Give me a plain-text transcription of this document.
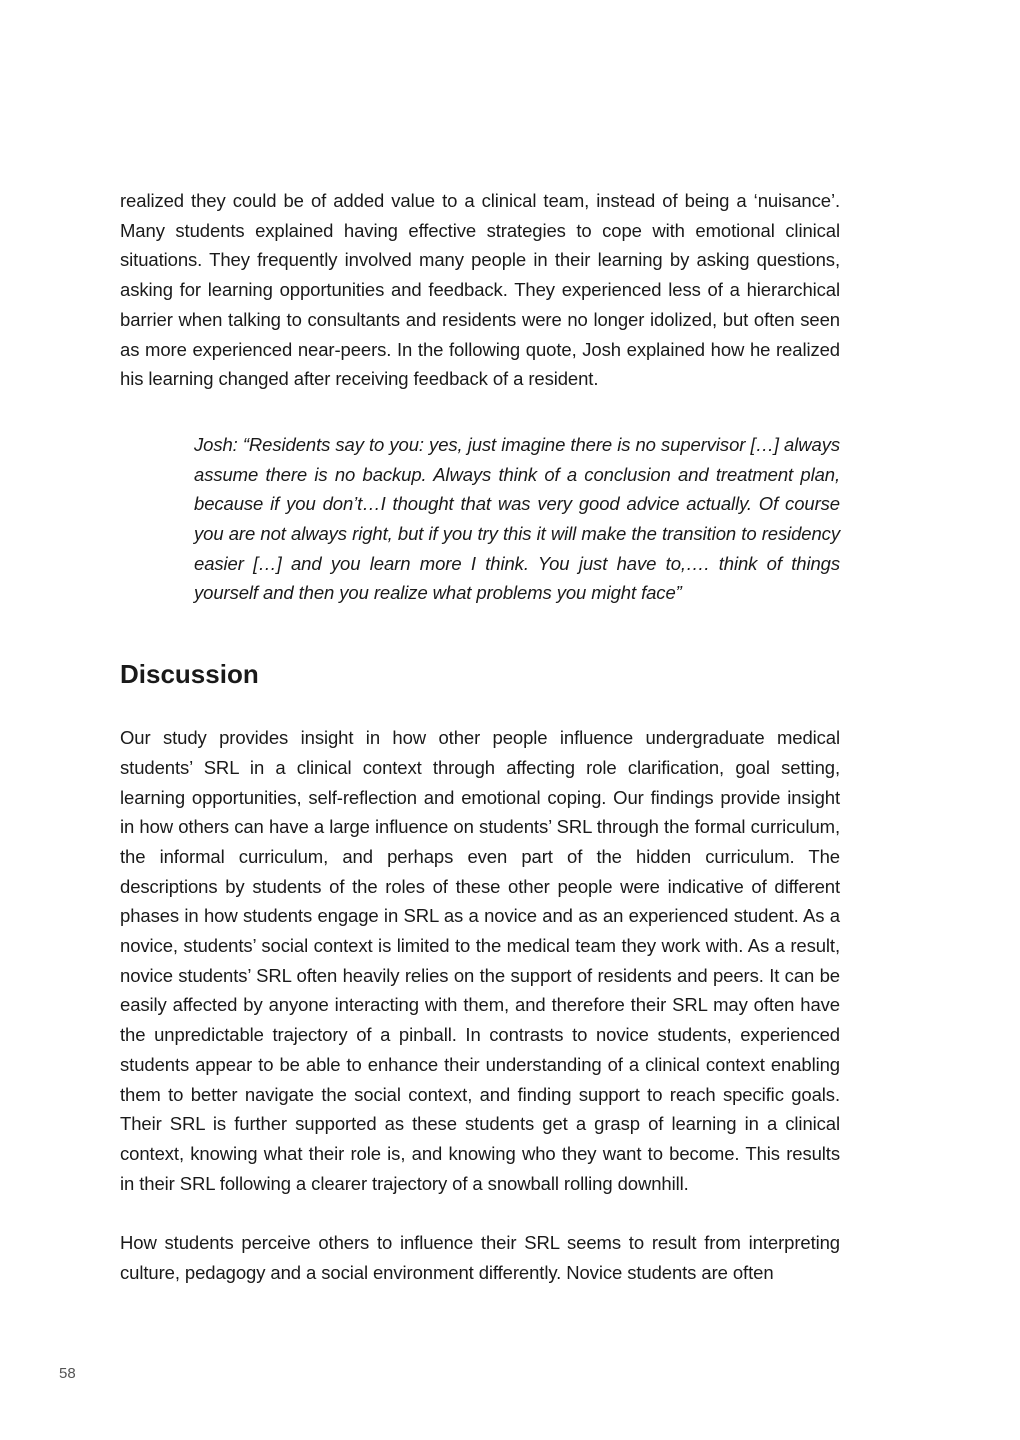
realized they could be of added value to a clinical team, instead of being a ‘nuisance’. Many students explained having effective strategies to cope with emotional clinical situations. They frequently involved many people in their learning by asking questions, asking for learning opportunities and feedback. They experienced less of a hierarchical barrier when talking to consultants and residents were no longer idolized, but often seen as more experienced near-peers. In the following quote, Josh explained how he realized his learning changed after receiving feedback of a resident.

Josh: “Residents say to you: yes, just imagine there is no supervisor […] always assume there is no backup. Always think of a conclusion and treatment plan, because if you don’t…I thought that was very good advice actually. Of course you are not always right, but if you try this it will make the transition to residency easier […] and you learn more I think. You just have to,…. think of things yourself and then you realize what problems you might face”

Discussion

Our study provides insight in how other people influence undergraduate medical students’ SRL in a clinical context through affecting role clarification, goal setting, learning opportunities, self-reflection and emotional coping. Our findings provide insight in how others can have a large influence on students’ SRL through the formal curriculum, the informal curriculum, and perhaps even part of the hidden curriculum. The descriptions by students of the roles of these other people were indicative of different phases in how students engage in SRL as a novice and as an experienced student. As a novice, students’ social context is limited to the medical team they work with. As a result, novice students’ SRL often heavily relies on the support of residents and peers. It can be easily affected by anyone interacting with them, and therefore their SRL may often have the unpredictable trajectory of a pinball. In contrasts to novice students, experienced students appear to be able to enhance their understanding of a clinical context enabling them to better navigate the social context, and finding support to reach specific goals. Their SRL is further supported as these students get a grasp of learning in a clinical context, knowing what their role is, and knowing who they want to become. This results in their SRL following a clearer trajectory of a snowball rolling downhill.

How students perceive others to influence their SRL seems to result from interpreting culture, pedagogy and a social environment differently. Novice students are often

58
